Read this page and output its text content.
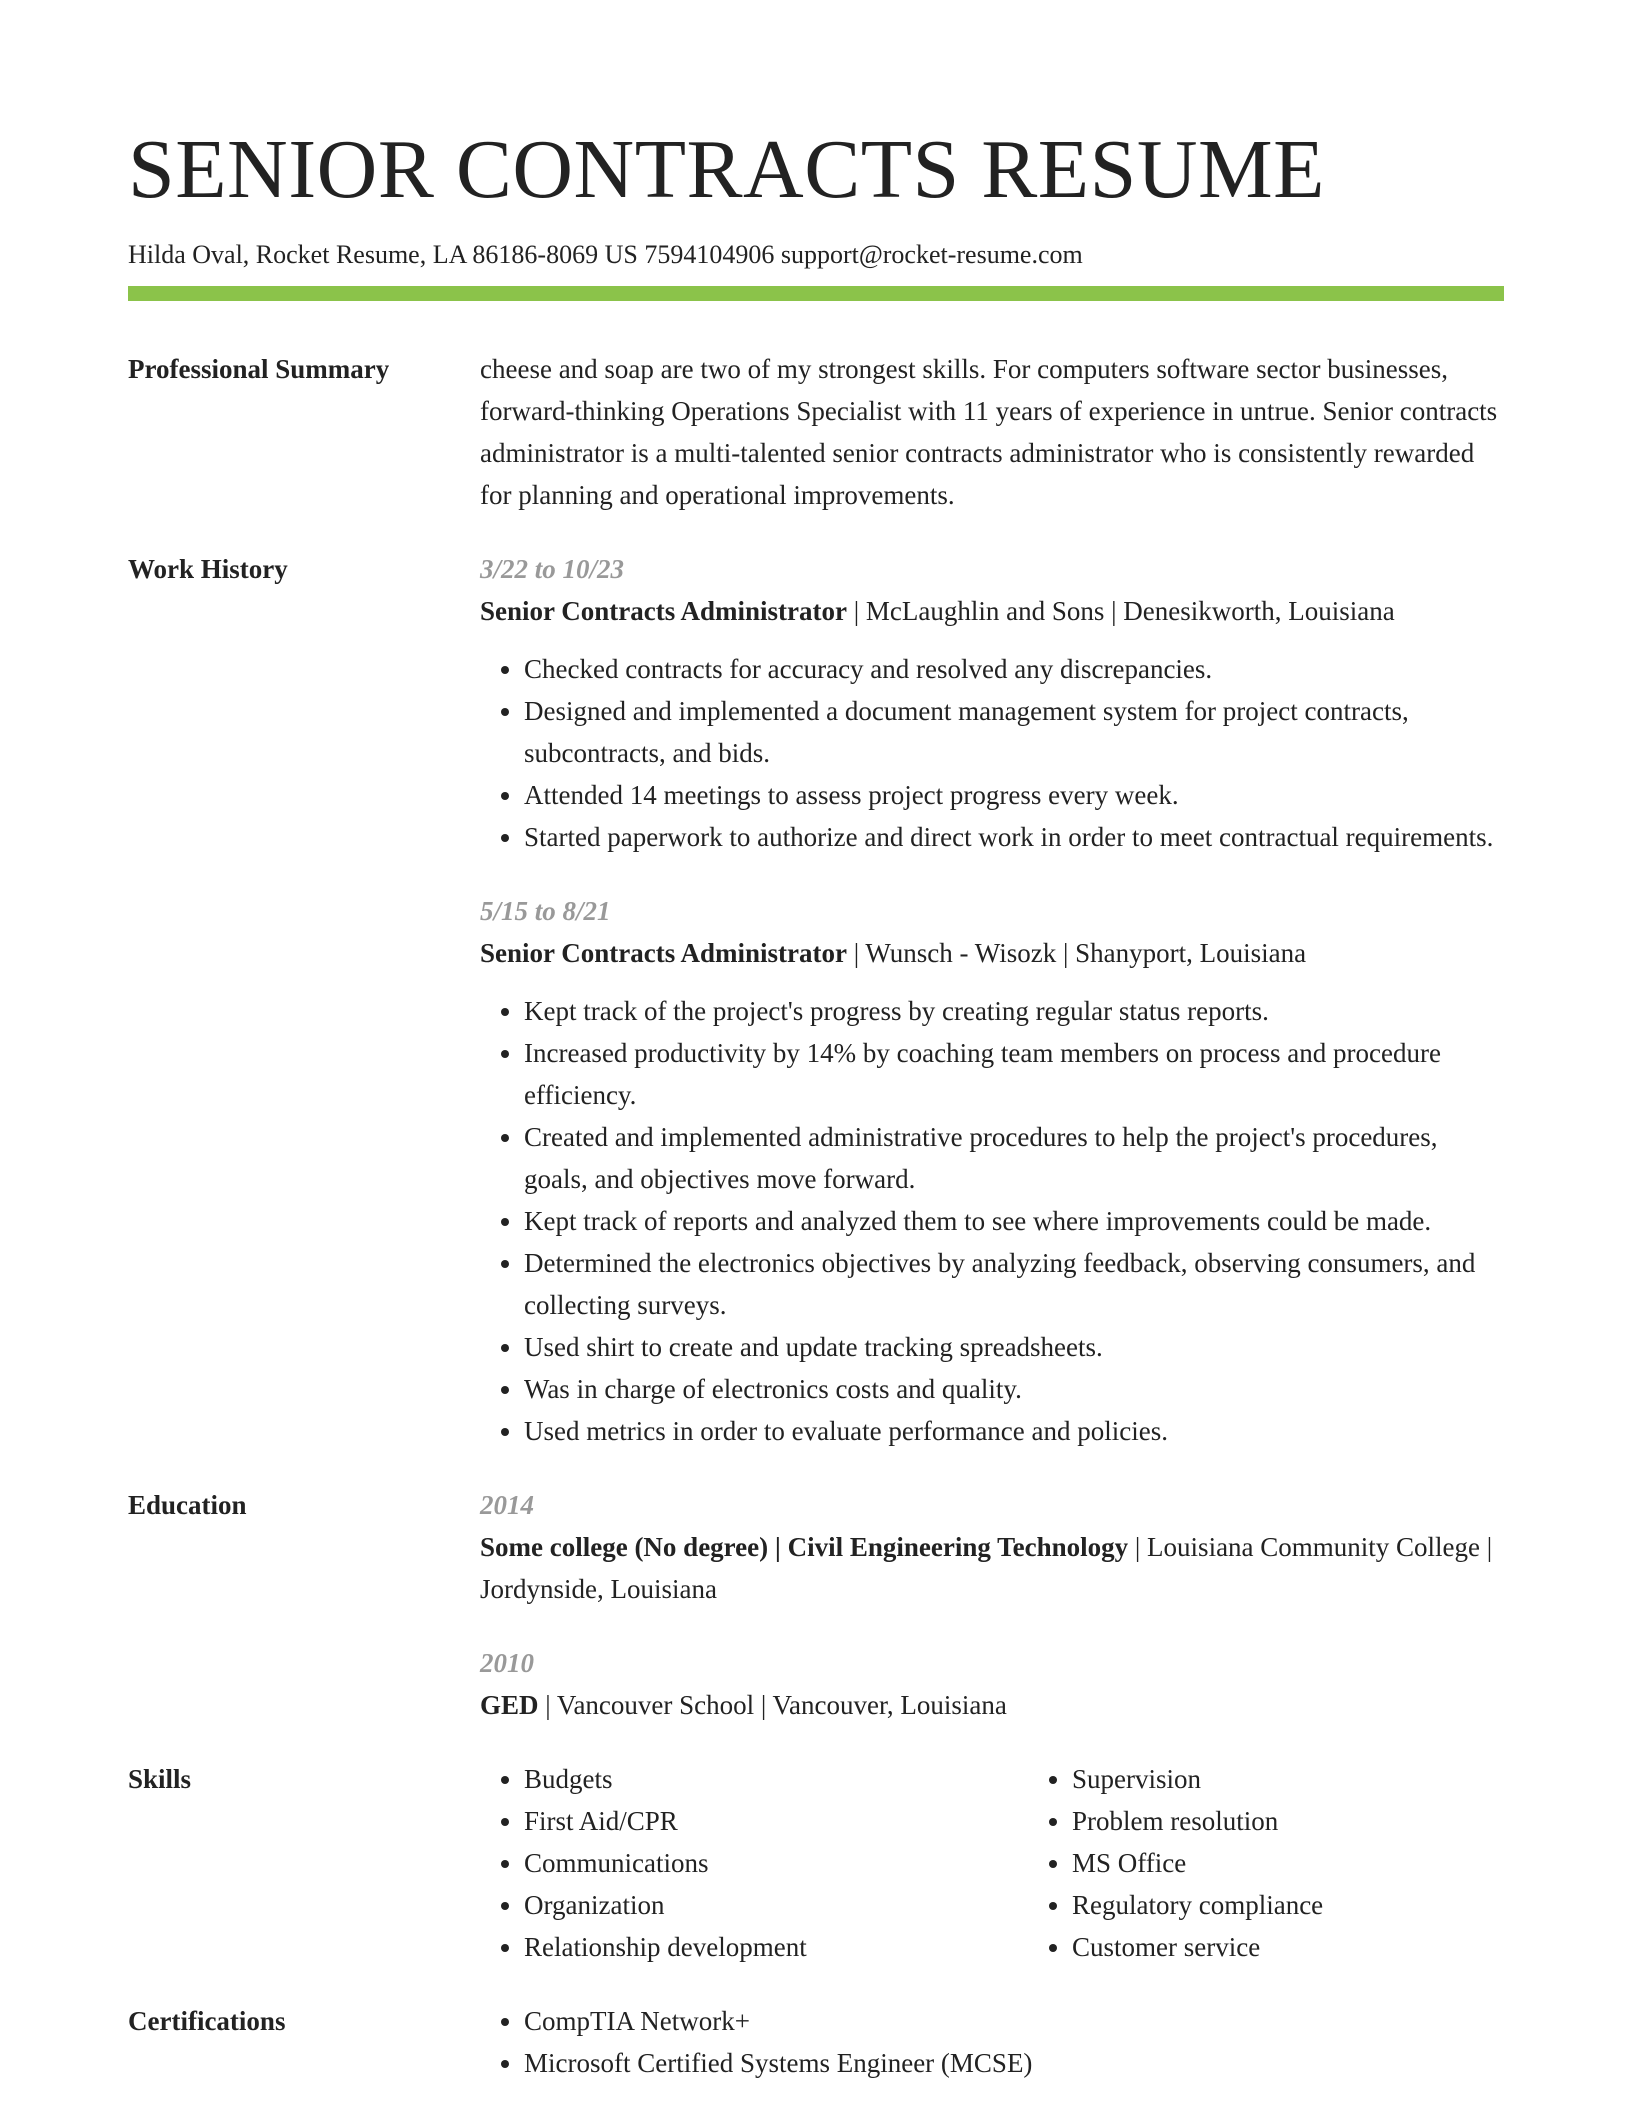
SENIOR CONTRACTS RESUME
Hilda Oval, Rocket Resume, LA 86186-8069 US 7594104906 support@rocket-resume.com
Professional Summary	cheese and soap are two of my strongest skills. For computers software sector businesses, forward-thinking Operations Specialist with 11 years of experience in untrue. Senior contracts administrator is a multi-talented senior contracts administrator who is consistently rewarded for planning and operational improvements.

Work History	3/22 to 10/23
Senior Contracts Administrator | McLaughlin and Sons | Denesikworth, Louisiana
• Checked contracts for accuracy and resolved any discrepancies.
• Designed and implemented a document management system for project contracts, subcontracts, and bids.
• Attended 14 meetings to assess project progress every week.
• Started paperwork to authorize and direct work in order to meet contractual requirements.
5/15 to 8/21
Senior Contracts Administrator | Wunsch - Wisozk | Shanyport, Louisiana
• Kept track of the project's progress by creating regular status reports.
• Increased productivity by 14% by coaching team members on process and procedure efficiency.
• Created and implemented administrative procedures to help the project's procedures, goals, and objectives move forward.
• Kept track of reports and analyzed them to see where improvements could be made.
• Determined the electronics objectives by analyzing feedback, observing consumers, and collecting surveys.
• Used shirt to create and update tracking spreadsheets.
• Was in charge of electronics costs and quality.
• Used metrics in order to evaluate performance and policies.
Education	2014
Some college (No degree) | Civil Engineering Technology | Louisiana Community College | Jordynside, Louisiana
2010
GED | Vancouver School | Vancouver, Louisiana
Skills	• Budgets
• First Aid/CPR
• Communications
• Organization
• Relationship development
• Supervision
• Problem resolution
• MS Office
• Regulatory compliance
• Customer service
Certifications	• CompTIA Network+
• Microsoft Certified Systems Engineer (MCSE)
